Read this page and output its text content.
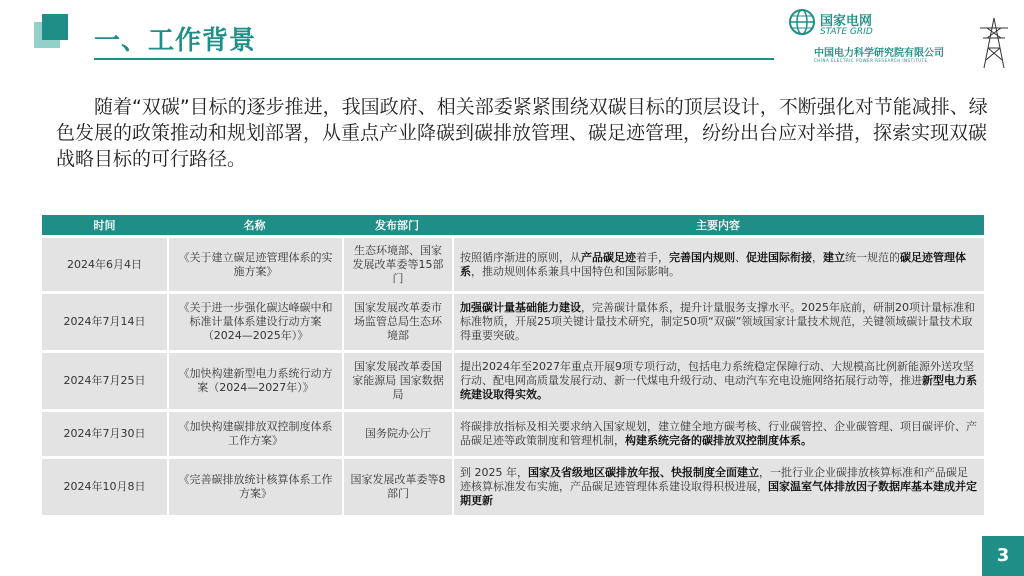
一、工作背景
国家电网
STATE GRID
中国电力科学研究院有限公司
CHINA ELECTRIC POWER RESEARCH INSTITUTE

随着“双碳”目标的逐步推进，我国政府、相关部委紧紧围绕双碳目标的顶层设计，不断强化对节能减排、绿色发展的政策推动和规划部署，从重点产业降碳到碳排放管理、碳足迹管理，纷纷出台应对举措，探索实现双碳战略目标的可行路径。

时间	名称	发布部门	主要内容
2024年6月4日	《关于建立碳足迹管理体系的实施方案》	生态环境部、国家发展改革委等15部门	按照循序渐进的原则，从产品碳足迹着手，完善国内规则、促进国际衔接，建立统一规范的碳足迹管理体系，推动规则体系兼具中国特色和国际影响。
2024年7月14日	《关于进一步强化碳达峰碳中和标准计量体系建设行动方案（2024—2025年）》	国家发展改革委市场监管总局生态环境部	加强碳计量基础能力建设，完善碳计量体系，提升计量服务支撑水平。2025年底前，研制20项计量标准和标准物质，开展25项关键计量技术研究，制定50项“双碳”领域国家计量技术规范，关键领域碳计量技术取得重要突破。
2024年7月25日	《加快构建新型电力系统行动方案（2024—2027年）》	国家发展改革委国家能源局 国家数据局	提出2024年至2027年重点开展9项专项行动，包括电力系统稳定保障行动、大规模高比例新能源外送攻坚行动、配电网高质量发展行动、新一代煤电升级行动、电动汽车充电设施网络拓展行动等，推进新型电力系统建设取得实效。
2024年7月30日	《加快构建碳排放双控制度体系工作方案》	国务院办公厅	将碳排放指标及相关要求纳入国家规划，建立健全地方碳考核、行业碳管控、企业碳管理、项目碳评价、产品碳足迹等政策制度和管理机制，构建系统完备的碳排放双控制度体系。
2024年10月8日	《完善碳排放统计核算体系工作方案》	国家发展改革委等8部门	到 2025 年，国家及省级地区碳排放年报、快报制度全面建立，一批行业企业碳排放核算标准和产品碳足迹核算标准发布实施，产品碳足迹管理体系建设取得积极进展，国家温室气体排放因子数据库基本建成并定期更新
3
